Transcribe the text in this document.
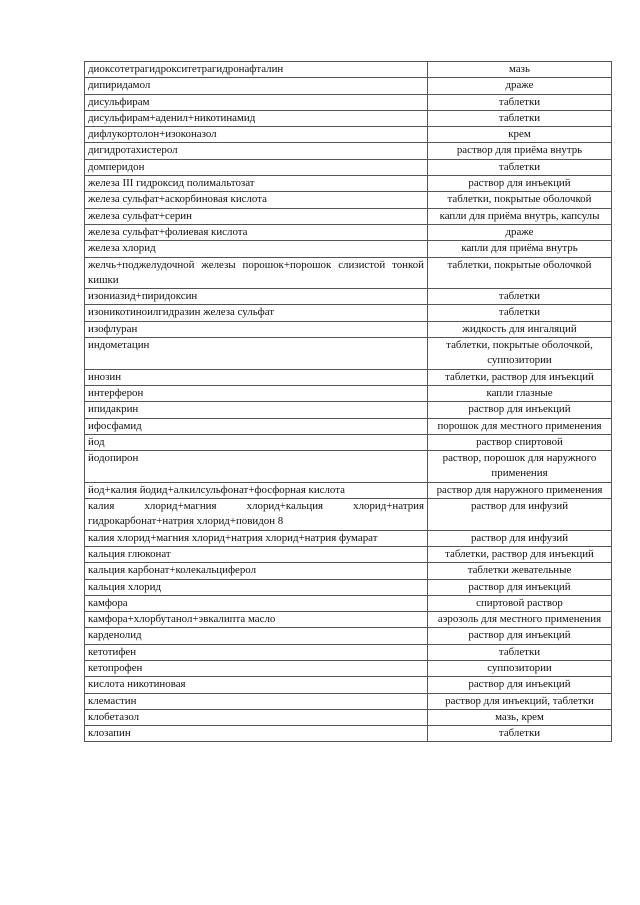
диоксотетрагидрокситетрагидронафталин	мазь
дипиридамол	драже
дисульфирам	таблетки
дисульфирам+аденил+никотинамид	таблетки
дифлукортолон+изоконазол	крем
дигидротахистерол	раствор для приёма внутрь
домперидон	таблетки
железа III гидроксид полимальтозат	раствор для инъекций
железа сульфат+аскорбиновая кислота	таблетки, покрытые оболочкой
железа сульфат+серин	капли для приёма внутрь, капсулы
железа сульфат+фолиевая кислота	драже
железа хлорид	капли для приёма внутрь
желчь+поджелудочной железы порошок+порошок слизистой тонкой кишки	таблетки, покрытые оболочкой
изониазид+пиридоксин	таблетки
изоникотиноилгидразин железа сульфат	таблетки
изофлуран	жидкость для ингаляций
индометацин	таблетки, покрытые оболочкой, суппозитории
инозин	таблетки, раствор для инъекций
интерферон	капли глазные
ипидакрин	раствор для инъекций
ифосфамид	порошок для местного применения
йод	раствор спиртовой
йодопирон	раствор, порошок для наружного применения
йод+калия йодид+алкилсульфонат+фосфорная кислота	раствор для наружного применения
калия хлорид+магния хлорид+кальция хлорид+натрия гидрокарбонат+натрия хлорид+повидон 8	раствор для инфузий
калия хлорид+магния хлорид+натрия хлорид+натрия фумарат	раствор для инфузий
кальция глюконат	таблетки, раствор для инъекций
кальция карбонат+колекальциферол	таблетки жевательные
кальция хлорид	раствор для инъекций
камфора	спиртовой раствор
камфора+хлорбутанол+эвкалипта масло	аэрозоль для местного применения
карденолид	раствор для инъекций
кетотифен	таблетки
кетопрофен	суппозитории
кислота никотиновая	раствор для инъекций
клемастин	раствор для инъекций, таблетки
клобетазол	мазь, крем
клозапин	таблетки
